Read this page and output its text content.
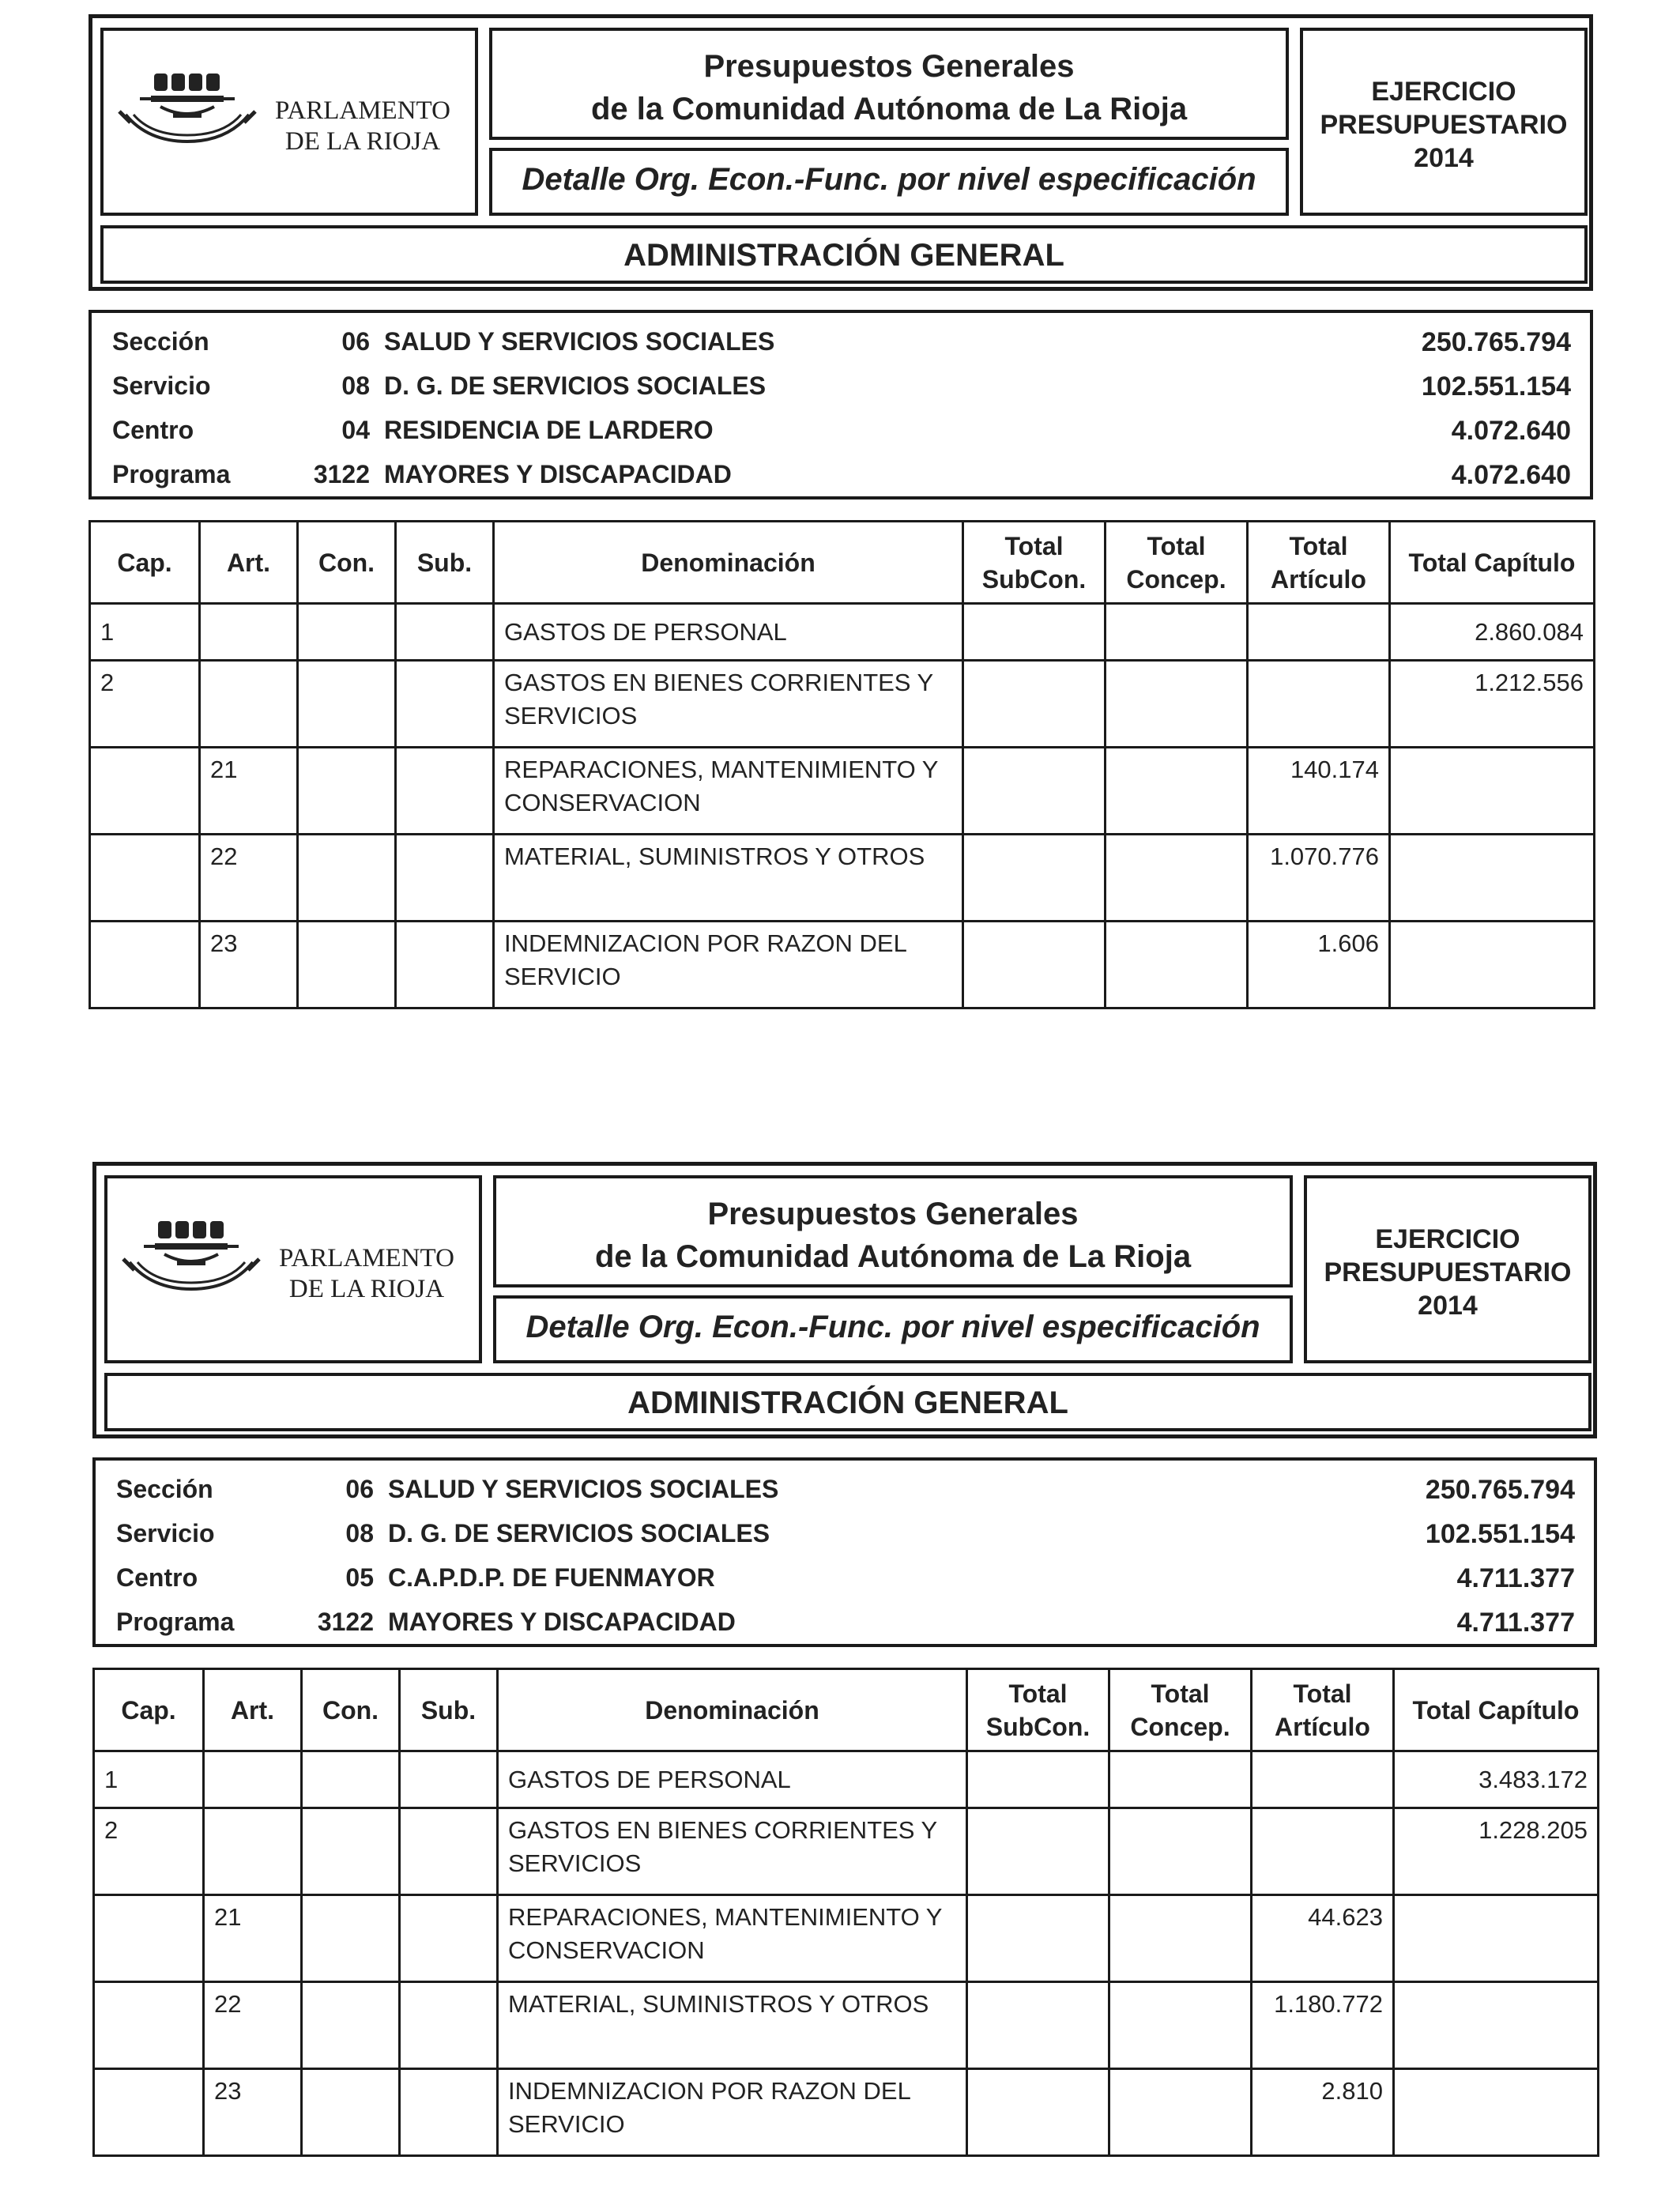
PARLAMENTO
DE LA RIOJA
Presupuestos Generales
de la Comunidad Autónoma de La Rioja
Detalle Org. Econ.-Func. por nivel especificación
EJERCICIO
PRESUPUESTARIO
2014
ADMINISTRACIÓN GENERAL
Sección	06 SALUD Y SERVICIOS SOCIALES	250.765.794
Servicio	08 D. G. DE SERVICIOS SOCIALES	102.551.154
Centro	04 RESIDENCIA DE LARDERO	4.072.640
Programa	3122 MAYORES Y DISCAPACIDAD	4.072.640
Cap.	Art.	Con.	Sub.	Denominación	Total SubCon.	Total Concep.	Total Artículo	Total Capítulo
1				GASTOS DE PERSONAL				2.860.084
2				GASTOS EN BIENES CORRIENTES Y SERVICIOS				1.212.556
	21			REPARACIONES, MANTENIMIENTO Y CONSERVACION			140.174	
	22			MATERIAL, SUMINISTROS Y OTROS			1.070.776	
	23			INDEMNIZACION POR RAZON DEL SERVICIO			1.606	
PARLAMENTO
DE LA RIOJA
Presupuestos Generales
de la Comunidad Autónoma de La Rioja
Detalle Org. Econ.-Func. por nivel especificación
EJERCICIO
PRESUPUESTARIO
2014
ADMINISTRACIÓN GENERAL
Sección	06 SALUD Y SERVICIOS SOCIALES	250.765.794
Servicio	08 D. G. DE SERVICIOS SOCIALES	102.551.154
Centro	05 C.A.P.D.P. DE FUENMAYOR	4.711.377
Programa	3122 MAYORES Y DISCAPACIDAD	4.711.377
Cap.	Art.	Con.	Sub.	Denominación	Total SubCon.	Total Concep.	Total Artículo	Total Capítulo
1				GASTOS DE PERSONAL				3.483.172
2				GASTOS EN BIENES CORRIENTES Y SERVICIOS				1.228.205
	21			REPARACIONES, MANTENIMIENTO Y CONSERVACION			44.623	
	22			MATERIAL, SUMINISTROS Y OTROS			1.180.772	
	23			INDEMNIZACION POR RAZON DEL SERVICIO			2.810	
